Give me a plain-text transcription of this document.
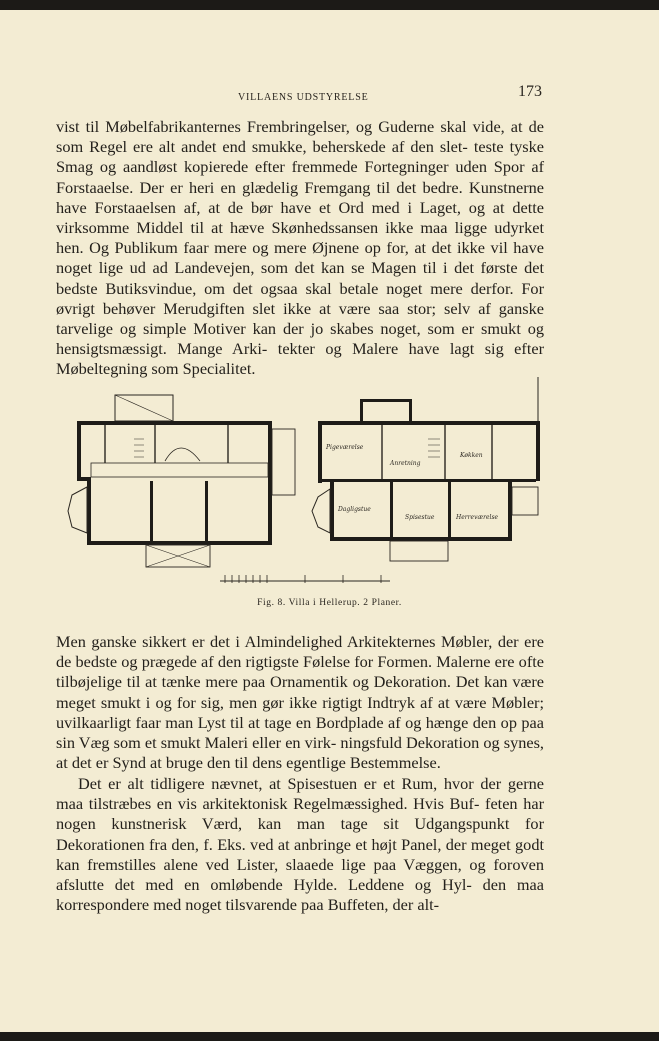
VILLAENS UDSTYRELSE	173

vist til Møbelfabrikanternes Frembringelser, og Guderne skal vide, at de som Regel ere alt andet end smukke, beherskede af den slet- teste tyske Smag og aandløst kopierede efter fremmede Fortegninger uden Spor af Forstaaelse. Der er heri en glædelig Fremgang til det bedre. Kunstnerne have Forstaaelsen af, at de bør have et Ord med i Laget, og at dette virksomme Middel til at hæve Skønhedssansen ikke maa ligge udyrket hen. Og Publikum faar mere og mere Øjnene op for, at det ikke vil have noget lige ud ad Landevejen, som det kan se Magen til i det første det bedste Butiksvindue, om det ogsaa skal betale noget mere derfor. For øvrigt behøver Merudgiften slet ikke at være saa stor; selv af ganske tarvelige og simple Motiver kan der jo skabes noget, som er smukt og hensigtsmæssigt. Mange Arki- tekter og Malere have lagt sig efter Møbeltegning som Specialitet.

Pigeværelse
Køkken
Anretning
Dagligstue
Spisestue	Herreværelse
Fig. 8. Villa i Hellerup. 2 Planer.

Men ganske sikkert er det i Almindelighed Arkitekternes Møbler, der ere de bedste og prægede af den rigtigste Følelse for Formen. Malerne ere ofte tilbøjelige til at tænke mere paa Ornamentik og Dekoration. Det kan være meget smukt i og for sig, men gør ikke rigtigt Indtryk af at være Møbler; uvilkaarligt faar man Lyst til at tage en Bordplade af og hænge den op paa sin Væg som et smukt Maleri eller en virk- ningsfuld Dekoration og synes, at det er Synd at bruge den til dens egentlige Bestemmelse.

Det er alt tidligere nævnet, at Spisestuen er et Rum, hvor der gerne maa tilstræbes en vis arkitektonisk Regelmæssighed. Hvis Buf- feten har nogen kunstnerisk Værd, kan man tage sit Udgangspunkt for Dekorationen fra den, f. Eks. ved at anbringe et højt Panel, der meget godt kan fremstilles alene ved Lister, slaaede lige paa Væggen, og foroven afslutte det med en omløbende Hylde. Leddene og Hyl- den maa korrespondere med noget tilsvarende paa Buffeten, der alt-
